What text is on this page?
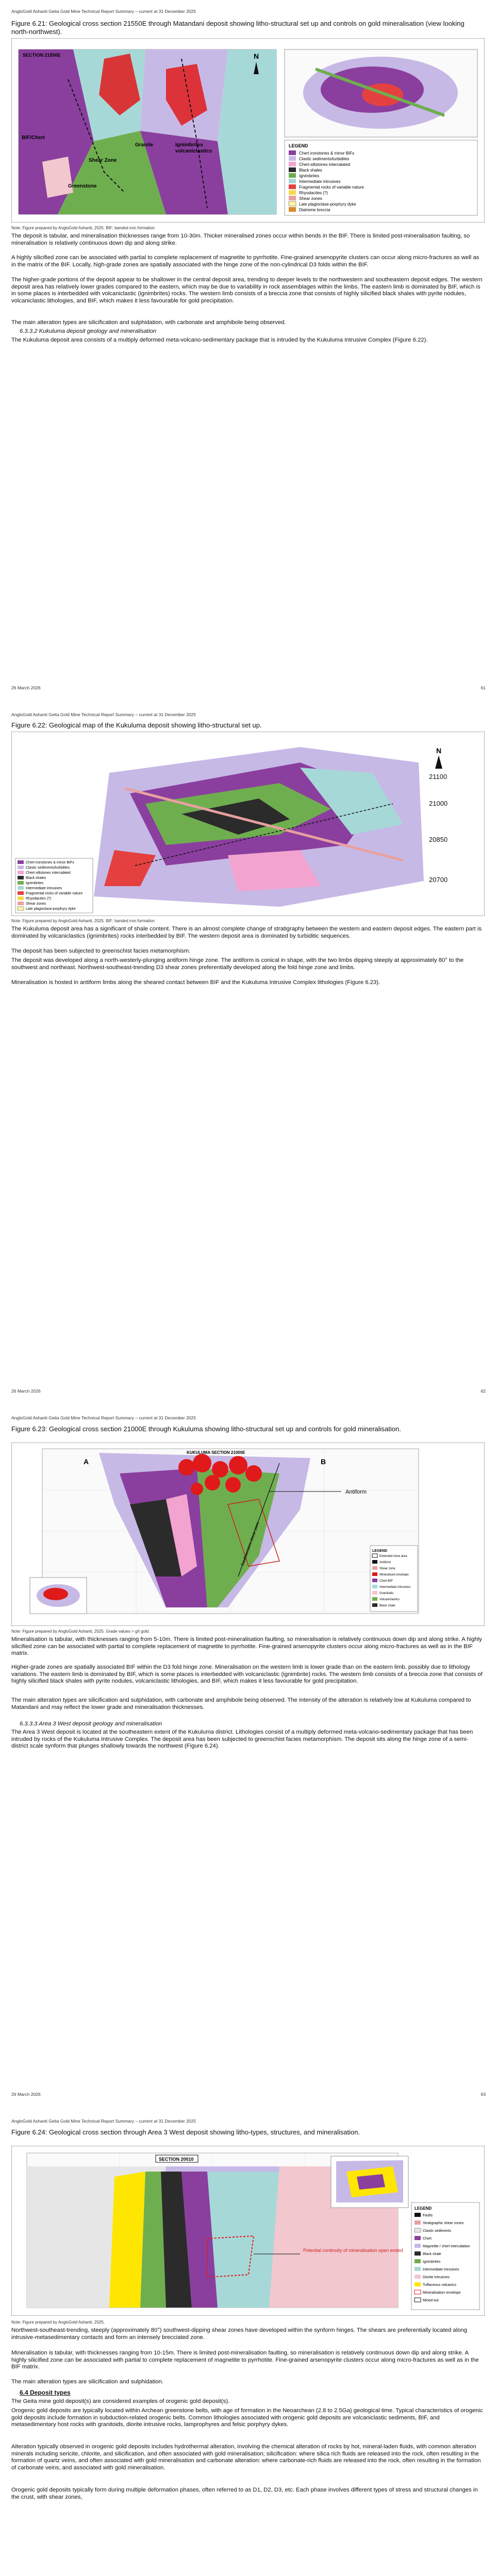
AngloGold Ashanti Geita Gold Mine Technical Report Summary – current at 31 December 2025
Figure 6.21: Geological cross section 21550E through Matandani deposit showing litho-structural set up and controls on gold mineralisation (view looking north-northwest).
BIF/Chert
Shear Zone
Greenstone
Granite	Ignimbrites
volcaniclastics
N
LEGEND
Chert ironstones & minor BIFs
Clastic sediments/turbidites
Chert-siltstones intercalated
Black shales
Ignimbrites
Intermediate intrusives
Fragmental rocks of variable nature
Rhyodacites (?)
Shear zones
Late plagioclase-porphyry dyke
Diatreme breccia
SECTION 21550E
Note: Figure prepared by AngloGold Ashanti, 2025. BIF: banded iron formation

The deposit is tabular, and mineralisation thicknesses range from 10-30m. Thicker mineralised zones occur within bends in the BIF. There is limited post-mineralisation faulting, so mineralisation is relatively continuous down dip and along strike.

A highly silicified zone can be associated with partial to complete replacement of magnetite to pyrrhotite. Fine-grained arsenopyrite clusters can occur along micro-fractures as well as in the matrix of the BIF. Locally, high-grade zones are spatially associated with the hinge zone of the non-cylindrical D3 folds within the BIF.

The higher-grade portions of the deposit appear to be shallower in the central deposit area, trending to deeper levels to the northwestern and southeastern deposit edges. The western deposit area has relatively lower grades compared to the eastern, which may be due to variability in rock assemblages within the limbs. The eastern limb is dominated by BIF, which is in some places is interbedded with volcaniclastic (ignimbrites) rocks. The western limb consists of a breccia zone that consists of highly silicified black shales with pyrite nodules, volcaniclastic lithologies, and BIF, which makes it less favourable for gold precipitation.

The main alteration types are silicification and sulphidation, with carbonate and amphibole being observed.

6.3.3.2 Kukuluma deposit geology and mineralisation

The Kukuluma deposit area consists of a multiply deformed meta-volcano-sedimentary package that is intruded by the Kukuluma Intrusive Complex (Figure 6.22).

26 March 2026	61
AngloGold Ashanti Geita Gold Mine Technical Report Summary – current at 31 December 2025
Figure 6.22: Geological map of the Kukuluma deposit showing litho-structural set up.
21100
21000
20850
20700
N
Chert ironstones & minor BIFs
Clastic sediments/turbidites
Chert-siltstones intercalated
Black shales
Ignimbrites
Intermediate intrusives
Fragmental rocks of variable nature
Rhyodacites (?)
Shear zones
Late plagioclase-porphyry dyke
Note: Figure prepared by AngloGold Ashanti, 2025. BIF: banded iron formation

The Kukuluma deposit area has a significant of shale content. There is an almost complete change of stratigraphy between the western and eastern deposit edges. The eastern part is dominated by volcaniclastics (ignimbrites) rocks interbedded by BIF. The western deposit area is dominated by turbiditic sequences.

The deposit has been subjected to greenschist facies metamorphism.

The deposit was developed along a north-westerly-plunging antiform hinge zone. The antiform is conical in shape, with the two limbs dipping steeply at approximately 80° to the southwest and northeast. Northwest-southeast-trending D3 shear zones preferentially developed along the fold hinge zone and limbs.

Mineralisation is hosted in antiform limbs along the sheared contact between BIF and the Kukuluma Intrusive Complex lithologies (Figure 6.23).

26 March 2026	62
AngloGold Ashanti Geita Gold Mine Technical Report Summary – current at 31 December 2025
Figure 6.23: Geological cross section 21000E through Kukuluma showing litho-structural set up and controls for gold mineralisation.
Antiform
Southwestern shear zone
KUKULUMA SECTION 21000E
A	B
LEGEND
Extended mine area
Antiform
Shear zone
Mineralised envelope
Chert-BIF
Intermediate intrusives
Granitoids
Volcaniclastics
Black shale
Note: Figure prepared by AngloGold Ashanti, 2025. Grade values > g/t gold.

Mineralisation is tabular, with thicknesses ranging from 5-10m. There is limited post-mineralisation faulting, so mineralisation is relatively continuous down dip and along strike. A highly silicified zone can be associated with partial to complete replacement of magnetite to pyrrhotite. Fine-grained arsenopyrite clusters occur along micro-fractures as well as in the BIF matrix.

Higher-grade zones are spatially associated BIF within the D3 fold hinge zone. Mineralisation on the western limb is lower grade than on the eastern limb, possibly due to lithology variations. The eastern limb is dominated by BIF, which is some places is interbedded with volcaniclastic (ignimbrite) rocks. The western limb consists of a breccia zone that consists of highly silicified black shales with pyrite nodules, volcaniclastic lithologies, and BIF, which makes it less favourable for gold precipitation.

The main alteration types are silicification and sulphidation, with carbonate and amphibole being observed. The intensity of the alteration is relatively low at Kukuluma compared to Matandani and may reflect the lower grade and mineralisation thicknesses.

6.3.3.3 Area 3 West deposit geology and mineralisation

The Area 3 West deposit is located at the southeastern extent of the Kukuluma district. Lithologies consist of a multiply deformed meta-volcano-sedimentary package that has been intruded by rocks of the Kukuluma Intrusive Complex. The deposit area has been subjected to greenschist facies metamorphism. The deposit sits along the hinge zone of a semi-district scale synform that plunges shallowly towards the northwest (Figure 6.24).

26 March 2026	63
AngloGold Ashanti Geita Gold Mine Technical Report Summary – current at 31 December 2025
Figure 6.24: Geological cross section through Area 3 West deposit showing litho-types, structures, and mineralisation.
Potential continuity of mineralisation open ended
SECTION 20010
LEGEND
Faults
Stratigraphic shear zones
Clastic sediments
Chert
Magnetite / chert intercalation
Black shale
Ignimbrites
Intermediate intrusives
Diorite intrusives
Tuffaceous volcanics
Mineralisation envelope
Mined out
Note: Figure prepared by AngloGold Ashanti, 2025.

Northwest-southeast-trending, steeply (approximately 80°) southwest-dipping shear zones have developed within the synform hinges. The shears are preferentially located along intrusive-metasedimentary contacts and form an intensely brecciated zone.

Mineralisation is tabular, with thicknesses ranging from 10-15m. There is limited post-mineralisation faulting, so mineralisation is relatively continuous down dip and along strike. A highly silicified zone can be associated with partial to complete replacement of magnetite to pyrrhotite. Fine-grained arsenopyrite clusters occur along micro-fractures as well as in the BIF matrix.

The main alteration types are silicification and sulphidation.

6.4 Deposit types

The Geita mine gold deposit(s) are considered examples of orogenic gold deposit(s).

Orogenic gold deposits are typically located within Archean greenstone belts, with age of formation in the Neoarchean (2.8 to 2.5Ga) geological time. Typical characteristics of orogenic gold deposits include formation in subduction-related orogenic belts. Common lithologies associated with orogenic gold deposits are volcaniclastic sediments, BIF, and metasedimentary host rocks with granitoids, diorite intrusive rocks, lamprophyres and felsic porphyry dykes.

Alteration typically observed in orogenic gold deposits includes hydrothermal alteration, involving the chemical alteration of rocks by hot, mineral-laden fluids, with common alteration minerals including sericite, chlorite, and silicification, and often associated with gold mineralisation; silicification: where silica rich fluids are released into the rock, often resulting in the formation of quartz veins, and often associated with gold mineralisation and carbonate alteration: where carbonate-rich fluids are released into the rock, often resulting in the formation of carbonate veins, and associated with gold mineralisation.

Orogenic gold deposits typically form during multiple deformation phases, often referred to as D1, D2, D3, etc. Each phase involves different types of stress and structural changes in the crust, with shear zones,
